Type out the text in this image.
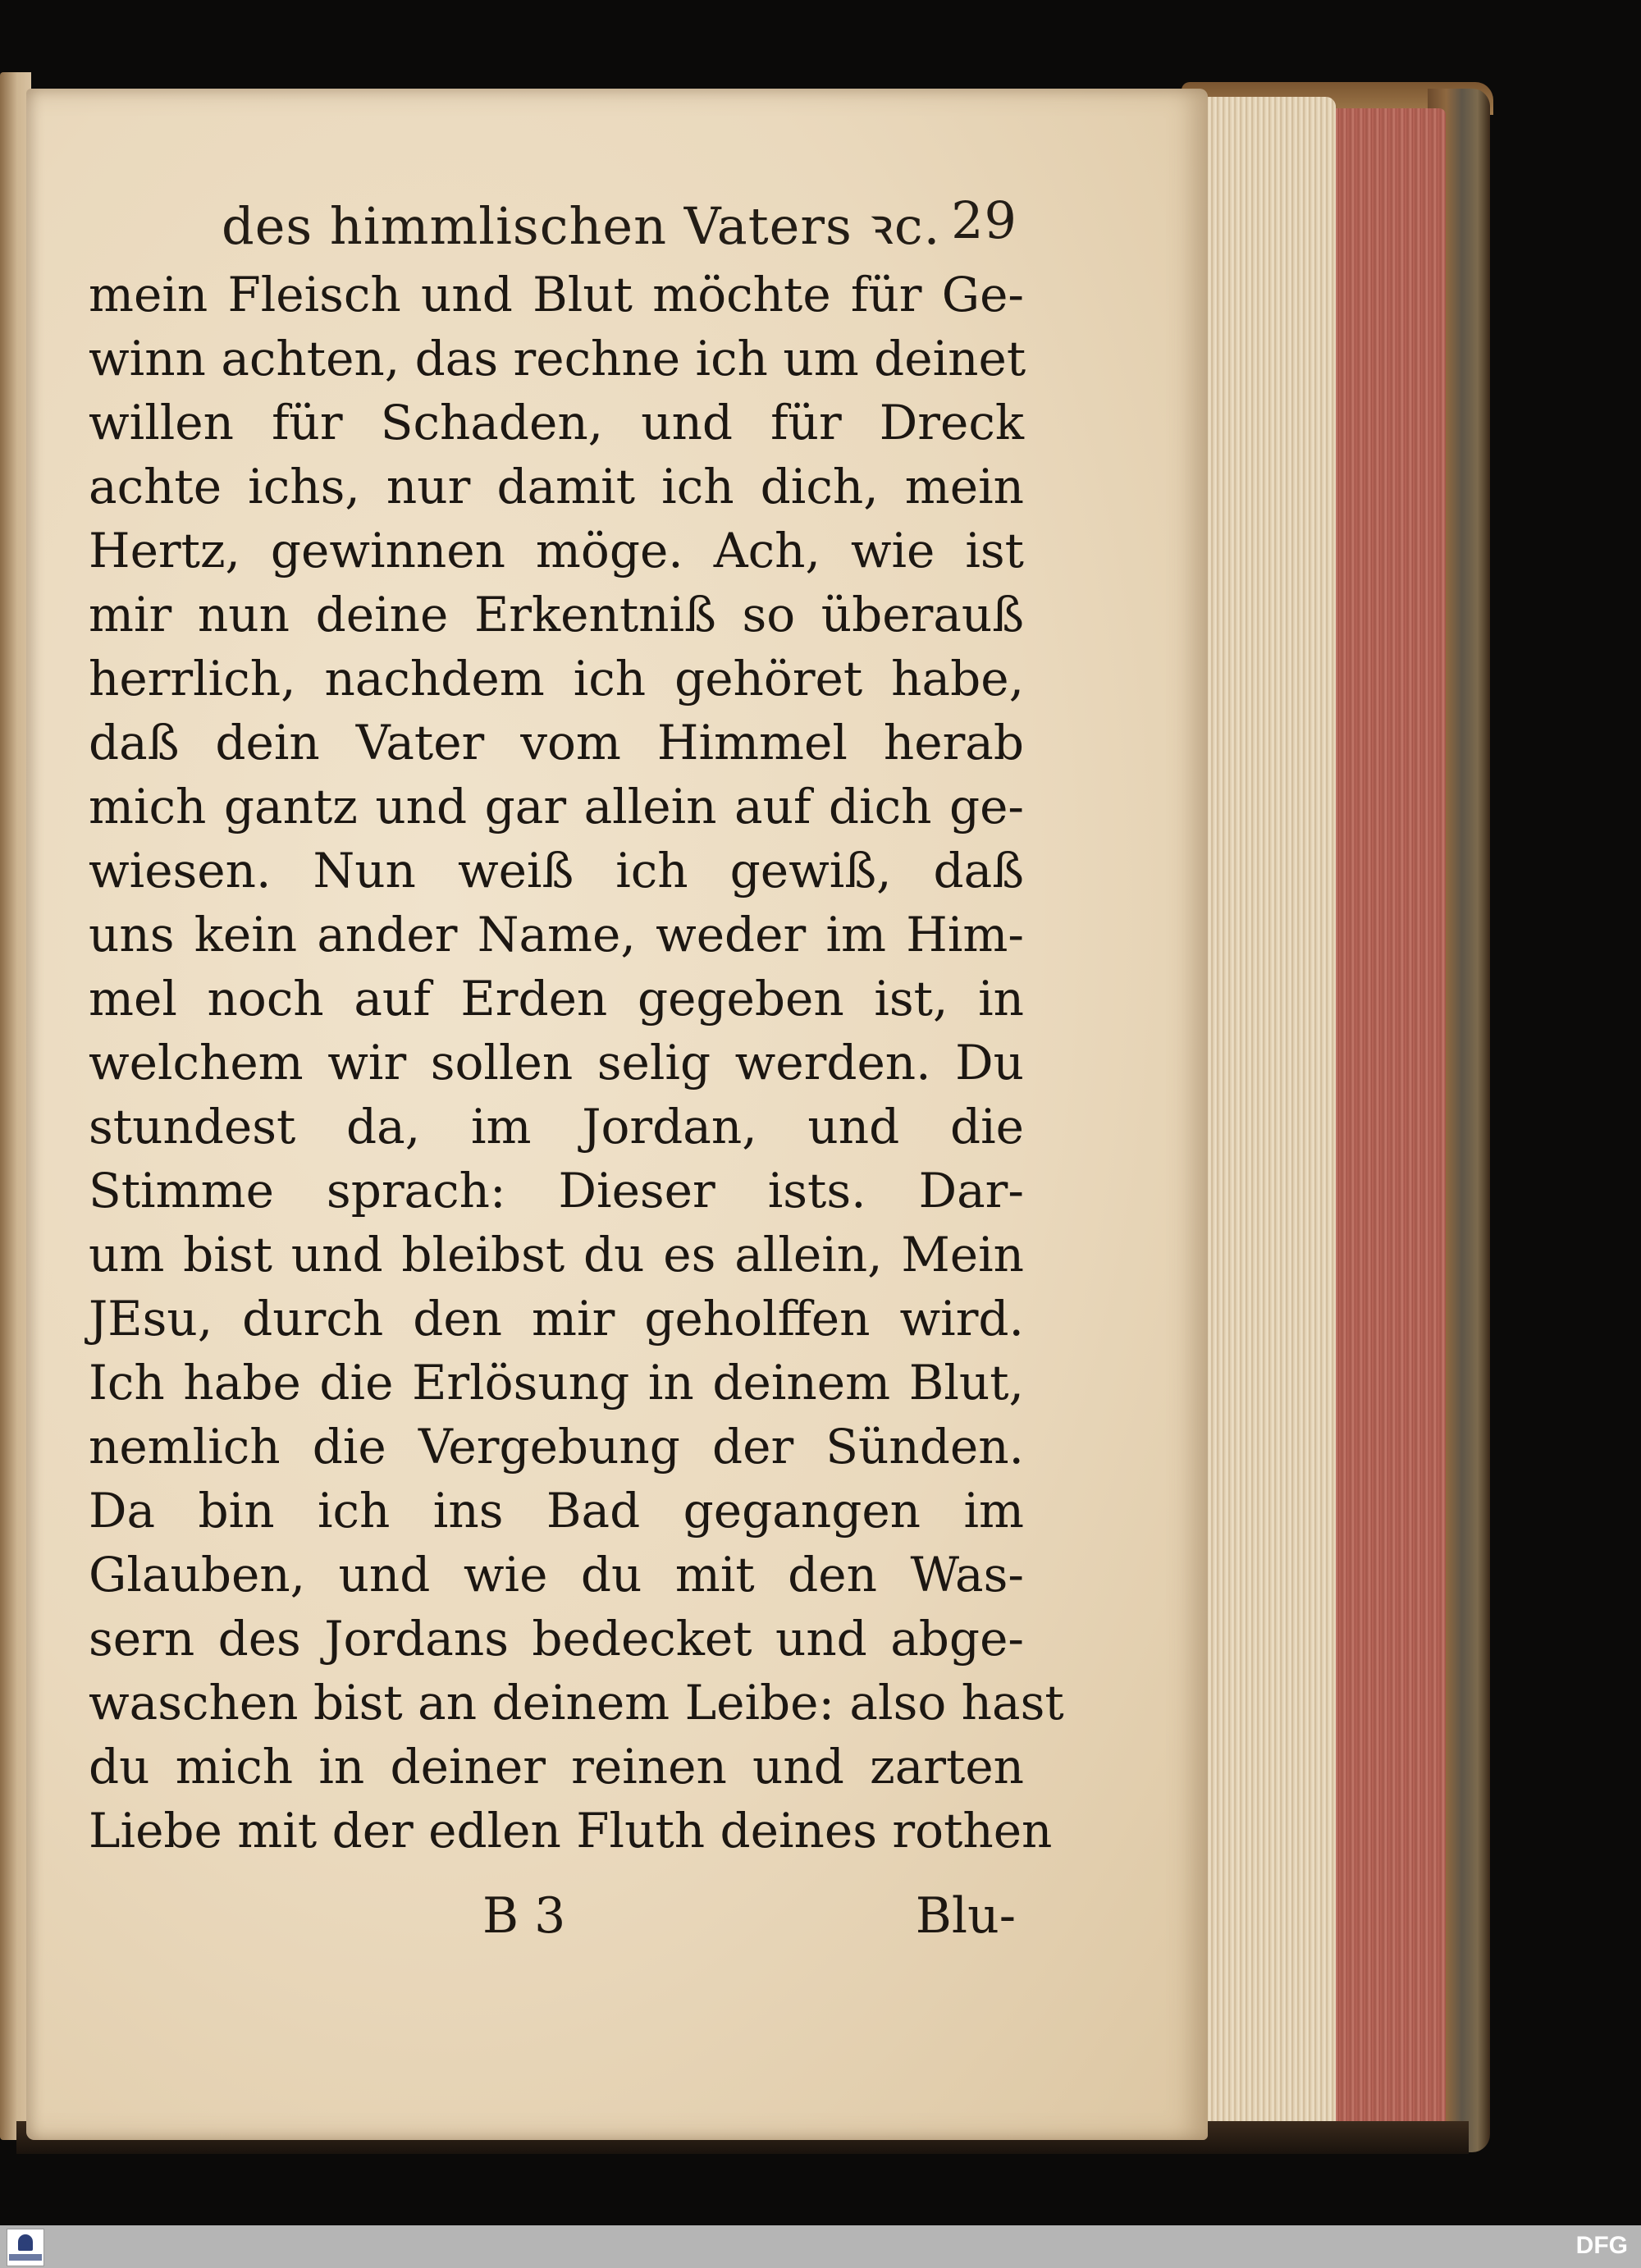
des himmlischen Vaters ꝛc. 29
mein Fleisch und Blut möchte für Ge-
winn achten, das rechne ich um deinet
willen für Schaden, und für Dreck
achte ichs, nur damit ich dich, mein
Hertz, gewinnen möge. Ach, wie ist
mir nun deine Erkentniß so überauß
herrlich, nachdem ich gehöret habe,
daß dein Vater vom Himmel herab
mich gantz und gar allein auf dich ge-
wiesen. Nun weiß ich gewiß, daß
uns kein ander Name, weder im Him-
mel noch auf Erden gegeben ist, in
welchem wir sollen selig werden. Du
stundest da, im Jordan, und die
Stimme sprach: Dieser ists. Dar-
um bist und bleibst du es allein, Mein
JEsu, durch den mir geholffen wird.
Ich habe die Erlösung in deinem Blut,
nemlich die Vergebung der Sünden.
Da bin ich ins Bad gegangen im
Glauben, und wie du mit den Was-
sern des Jordans bedecket und abge-
waschen bist an deinem Leibe: also hast
du mich in deiner reinen und zarten
Liebe mit der edlen Fluth deines rothen
B 3	Blu-
DFG
